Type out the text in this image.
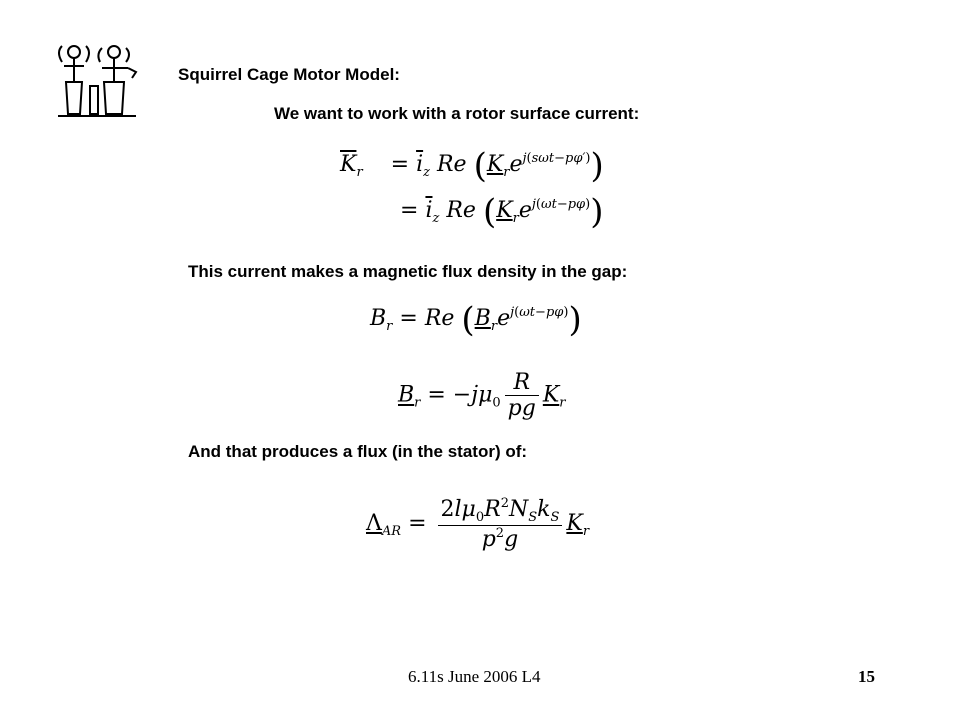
Squirrel Cage Motor Model:
We want to work with a rotor surface current:
$\overline{K}_r$    = $\overline{i}_z$ Re $(K_re^{j(s\omega t-p\varphi')})$
= $\overline{i}_z$ Re $(K_re^{j(\omega t-p\varphi)})$
This current makes a magnetic flux density in the gap:
$B_r = Re$ $(B_re^{j(\omega t-p\varphi)})$
$B_r = -j\mu_0 \frac{R}{pg} K_r$
And that produces a flux (in the stator) of:
$\Lambda_{AR} = \frac{2l\mu_0R^2N_Sk_S}{p^2g} K_r$
6.11s June 2006 L4	15
